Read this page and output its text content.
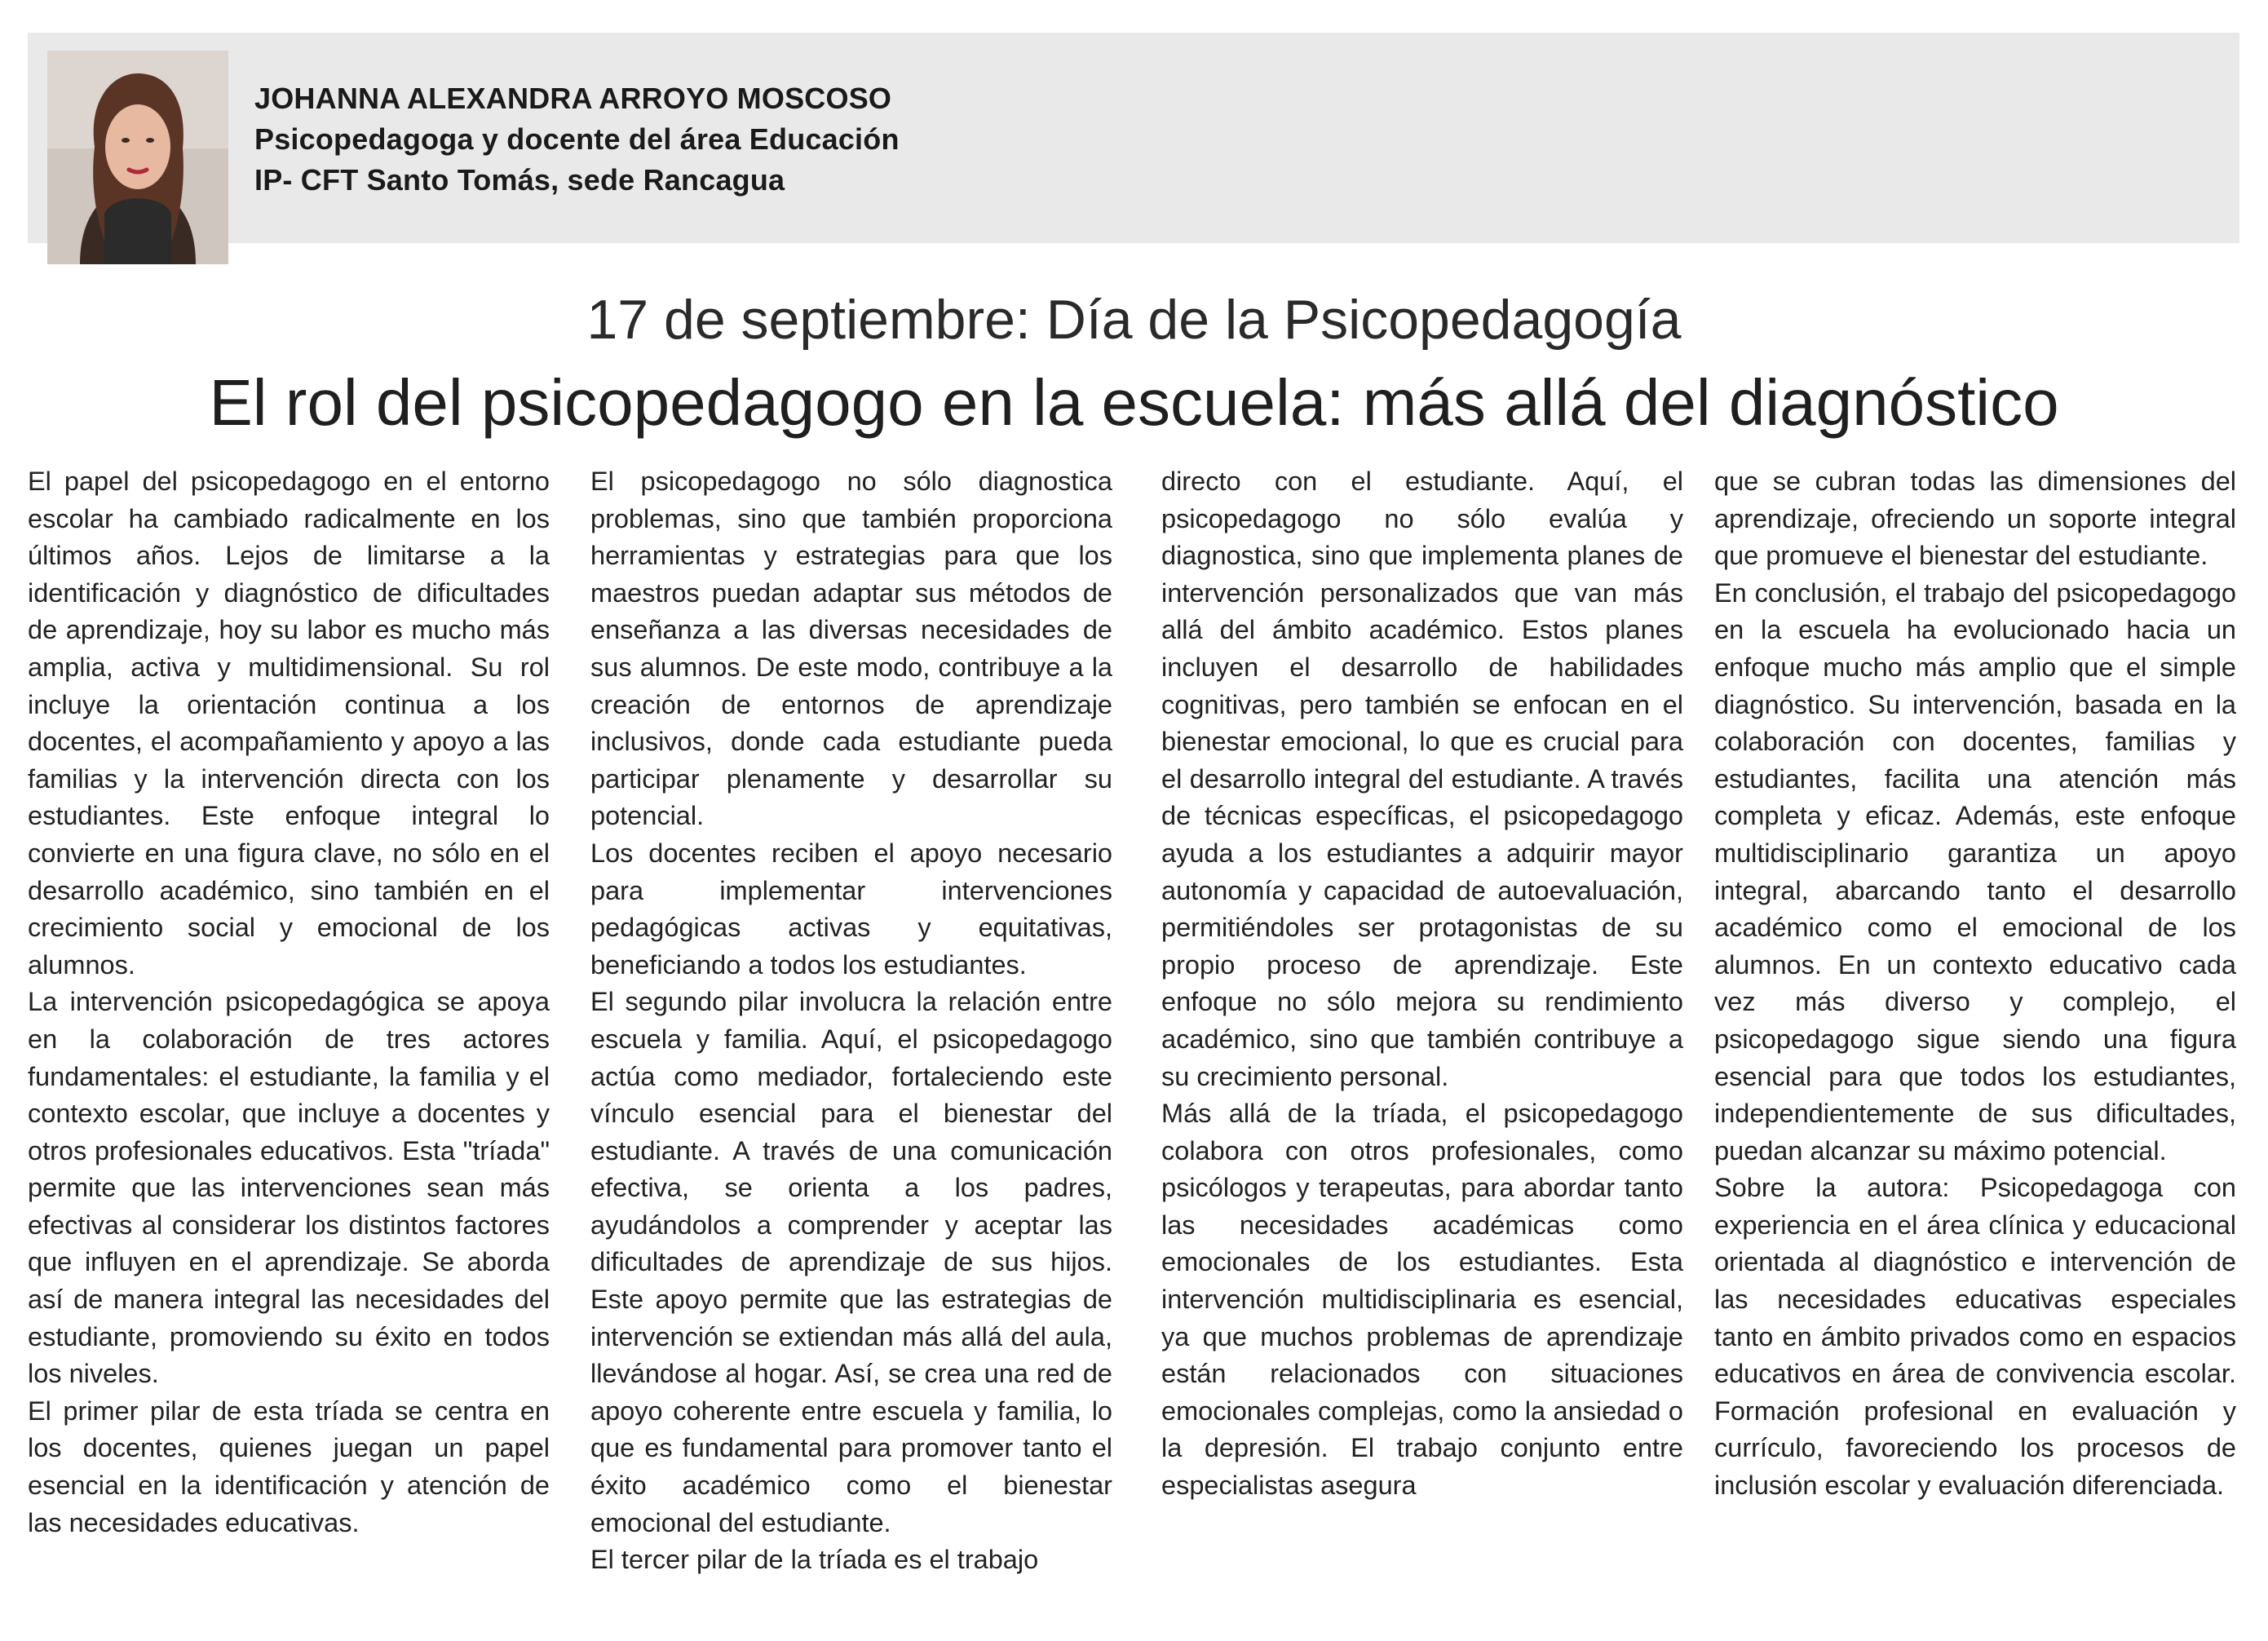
JOHANNA ALEXANDRA ARROYO MOSCOSO
Psicopedagoga y docente del área Educación
IP- CFT Santo Tomás, sede Rancagua
17 de septiembre: Día de la Psicopedagogía
El rol del psicopedagogo en la escuela: más allá del diagnóstico

El papel del psicopedagogo en el entorno escolar ha cambiado radicalmente en los últimos años. Lejos de limitarse a la identificación y diagnóstico de dificultades de aprendizaje, hoy su labor es mucho más amplia, activa y multidimensional. Su rol incluye la orientación continua a los docentes, el acompañamiento y apoyo a las familias y la intervención directa con los estudiantes. Este enfoque integral lo convierte en una figura clave, no sólo en el desarrollo académico, sino también en el crecimiento social y emocional de los alumnos.

La intervención psicopedagógica se apoya en la colaboración de tres actores fundamentales: el estudiante, la familia y el contexto escolar, que incluye a docentes y otros profesionales educativos. Esta "tríada" permite que las intervenciones sean más efectivas al considerar los distintos factores que influyen en el aprendizaje. Se aborda así de manera integral las necesidades del estudiante, promoviendo su éxito en todos los niveles.

El primer pilar de esta tríada se centra en los docentes, quienes juegan un papel esencial en la identificación y atención de las necesidades educativas.

El psicopedagogo no sólo diagnostica problemas, sino que también proporciona herramientas y estrategias para que los maestros puedan adaptar sus métodos de enseñanza a las diversas necesidades de sus alumnos. De este modo, contribuye a la creación de entornos de aprendizaje inclusivos, donde cada estudiante pueda participar plenamente y desarrollar su potencial.

Los docentes reciben el apoyo necesario para implementar intervenciones pedagógicas activas y equitativas, beneficiando a todos los estudiantes.

El segundo pilar involucra la relación entre escuela y familia. Aquí, el psicopedagogo actúa como mediador, fortaleciendo este vínculo esencial para el bienestar del estudiante. A través de una comunicación efectiva, se orienta a los padres, ayudándolos a comprender y aceptar las dificultades de aprendizaje de sus hijos. Este apoyo permite que las estrategias de intervención se extiendan más allá del aula, llevándose al hogar. Así, se crea una red de apoyo coherente entre escuela y familia, lo que es fundamental para promover tanto el éxito académico como el bienestar emocional del estudiante.

El tercer pilar de la tríada es el trabajo

directo con el estudiante. Aquí, el psicopedagogo no sólo evalúa y diagnostica, sino que implementa planes de intervención personalizados que van más allá del ámbito académico. Estos planes incluyen el desarrollo de habilidades cognitivas, pero también se enfocan en el bienestar emocional, lo que es crucial para el desarrollo integral del estudiante. A través de técnicas específicas, el psicopedagogo ayuda a los estudiantes a adquirir mayor autonomía y capacidad de autoevaluación, permitiéndoles ser protagonistas de su propio proceso de aprendizaje. Este enfoque no sólo mejora su rendimiento académico, sino que también contribuye a su crecimiento personal.

Más allá de la tríada, el psicopedagogo colabora con otros profesionales, como psicólogos y terapeutas, para abordar tanto las necesidades académicas como emocionales de los estudiantes. Esta intervención multidisciplinaria es esencial, ya que muchos problemas de aprendizaje están relacionados con situaciones emocionales complejas, como la ansiedad o la depresión. El trabajo conjunto entre especialistas asegura

que se cubran todas las dimensiones del aprendizaje, ofreciendo un soporte integral que promueve el bienestar del estudiante.

En conclusión, el trabajo del psicopedagogo en la escuela ha evolucionado hacia un enfoque mucho más amplio que el simple diagnóstico. Su intervención, basada en la colaboración con docentes, familias y estudiantes, facilita una atención más completa y eficaz. Además, este enfoque multidisciplinario garantiza un apoyo integral, abarcando tanto el desarrollo académico como el emocional de los alumnos. En un contexto educativo cada vez más diverso y complejo, el psicopedagogo sigue siendo una figura esencial para que todos los estudiantes, independientemente de sus dificultades, puedan alcanzar su máximo potencial.

Sobre la autora: Psicopedagoga con experiencia en el área clínica y educacional orientada al diagnóstico e intervención de las necesidades educativas especiales tanto en ámbito privados como en espacios educativos en área de convivencia escolar. Formación profesional en evaluación y currículo, favoreciendo los procesos de inclusión escolar y evaluación diferenciada.
